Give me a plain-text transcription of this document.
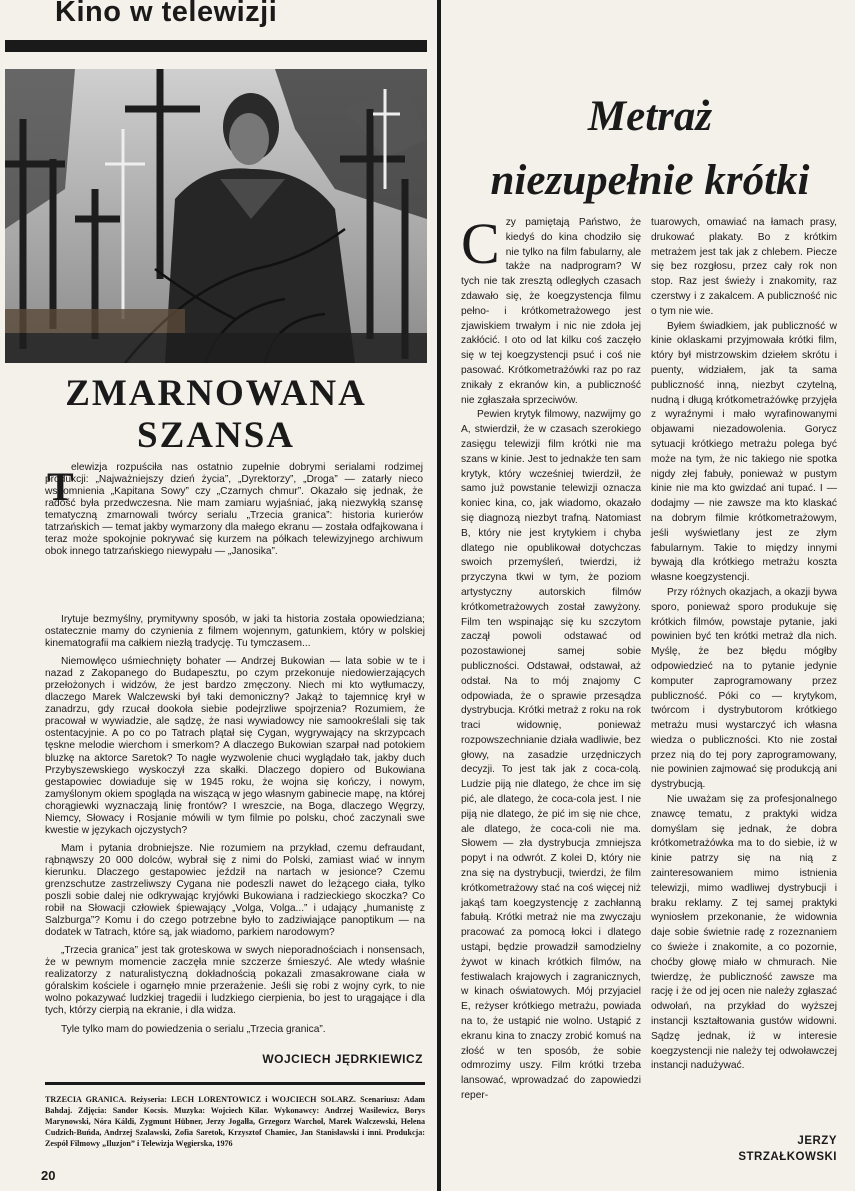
Kino w telewizji
ZMARNOWANA
SZANSA
T

elewizja rozpuściła nas ostatnio zupełnie dobrymi serialami rodzimej produkcji: „Najważniejszy dzień życia”, „Dyrektorzy”, „Droga” — zatarły nieco wspomnienia „Kapitana Sowy” czy „Czarnych chmur”. Okazało się jednak, że radość była przedwczesna. Nie mam zamiaru wyjaśniać, jaką niezwykłą szansę tematyczną zmarnowali twórcy serialu „Trzecia granica”: historia kurierów tatrzańskich — temat jakby wymarzony dla małego ekranu — została odfajkowana i teraz może spokojnie pokrywać się kurzem na półkach telewizyjnego archiwum obok innego tatrzańskiego niewypału — „Janosika”.

Irytuje bezmyślny, prymitywny sposób, w jaki ta historia została opowiedziana; ostatecznie mamy do czynienia z filmem wojennym, gatunkiem, który w polskiej kinematografii ma całkiem niezłą tradycję. Tu tymczasem...

Niemowlęco uśmiechnięty bohater — Andrzej Bukowian — lata sobie w te i nazad z Zakopanego do Budapesztu, po czym przekonuje niedowierzających przełożonych i widzów, że jest bardzo zmęczony. Niech mi kto wytłumaczy, dlaczego Marek Walczewski był taki demoniczny? Jakąż to tajemnicę krył w zanadrzu, gdy rzucał dookoła siebie podejrzliwe spojrzenia? Rozumiem, że pracował w wywiadzie, ale sądzę, że nasi wywiadowcy nie samookreślali się tak ostentacyjnie. A po co po Tatrach plątał się Cygan, wygrywający na skrzypcach tęskne melodie wierchom i smerkom? A dlaczego Bukowian szarpał nad potokiem bluzkę na aktorce Saretok? To nagłe wyzwolenie chuci wyglądało tak, jakby duch Przybyszewskiego wyskoczył zza skałki. Dlaczego dopiero od Bukowiana gestapowiec dowiaduje się w 1945 roku, że wojna się kończy, i nowym, zamyślonym okiem spogląda na wiszącą w jego własnym gabinecie mapę, na której chorągiewki wyznaczają linię frontów? I wreszcie, na Boga, dlaczego Węgrzy, Niemcy, Słowacy i Rosjanie mówili w tym filmie po polsku, choć zaczynali swe kwestie w językach ojczystych?

Mam i pytania drobniejsze. Nie rozumiem na przykład, czemu defraudant, rąbnąwszy 20 000 dolców, wybrał się z nimi do Polski, zamiast wiać w innym kierunku. Dlaczego gestapowiec jeździł na nartach w jesionce? Czemu grenzschutze zastrzeliwszy Cygana nie podeszli nawet do leżącego ciała, tylko poszli sobie dalej nie odkrywając kryjówki Bukowiana i radzieckiego skoczka? Co robił na Słowacji człowiek śpiewający „Volga, Volga...” i udający „humanistę z Salzburga”? Komu i do czego potrzebne było to zadziwiające panoptikum — na dodatek w Tatrach, które są, jak wiadomo, parkiem narodowym?

„Trzecia granica” jest tak groteskowa w swych nieporadnościach i nonsensach, że w pewnym momencie zaczęła mnie szczerze śmieszyć. Ale wtedy właśnie realizatorzy z naturalistyczną dokładnością pokazali zmasakrowane ciała w góralskim kościele i ogarnęło mnie przerażenie. Jeśli się robi z wojny cyrk, to nie wolno pokazywać ludzkiej tragedii i ludzkiego cierpienia, bo jest to urągające i dla tych, którzy cierpią na ekranie, i dla widza.

Tyle tylko mam do powiedzenia o serialu „Trzecia granica”.

WOJCIECH JĘDRKIEWICZ
TRZECIA GRANICA. Reżyseria: LECH LORENTOWICZ i WOJCIECH SOLARZ. Scenariusz: Adam Bahdaj. Zdjęcia: Sandor Kocsis. Muzyka: Wojciech Kilar. Wykonawcy: Andrzej Wasilewicz, Borys Marynowski, Nóra Káldi, Zygmunt Hübner, Jerzy Jogałła, Grzegorz Warchoł, Marek Walczewski, Helena Cudzich-Buńda, Andrzej Szalawski, Zofia Saretok, Krzysztof Chamiec, Jan Stanisławski i inni. Produkcja: Zespół Filmowy „Iluzjon” i Telewizja Węgierska, 1976
20
Metraż
niezupełnie krótki
C zy pamiętają Państwo, że kiedyś do kina chodziło się nie tylko na film fabularny, ale także na nadprogram? W tych nie tak zresztą odległych czasach zdawało się, że koegzystencja filmu pełno- i krótkometrażowego jest zjawiskiem trwałym i nic nie zdoła jej zakłócić. I oto od lat kilku coś zaczęło się w tej koegzystencji psuć i coś nie pasować. Krótkometrażówki raz po raz znikały z ekranów kin, a publiczność nie zgłaszała sprzeciwów.

Pewien krytyk filmowy, nazwijmy go A, stwierdził, że w czasach szerokiego zasięgu telewizji film krótki nie ma szans w kinie. Jest to jednakże ten sam krytyk, który wcześniej twierdził, że samo już powstanie telewizji oznacza koniec kina, co, jak wiadomo, okazało się diagnozą niezbyt trafną. Natomiast B, który nie jest krytykiem i chyba dlatego nie opublikował dotychczas swoich przemyśleń, twierdzi, iż przyczyna tkwi w tym, że poziom artystyczny autorskich filmów krótkometrażowych został zawyżony. Film ten wspinając się ku szczytom zaczął powoli odstawać od pozostawionej samej sobie publiczności. Odstawał, odstawał, aż odstał. Na to mój znajomy C odpowiada, że o sprawie przesądza dystrybucja. Krótki metraż z roku na rok traci widownię, ponieważ rozpowszechnianie działa wadliwie, bez głowy, na zasadzie urzędniczych decyzji. To jest tak jak z coca-colą. Ludzie piją nie dlatego, że chce im się pić, ale dlatego, że coca-cola jest. I nie piją nie dlatego, że pić im się nie chce, ale dlatego, że coca-coli nie ma. Słowem — zła dystrybucja zmniejsza popyt i na odwrót. Z kolei D, który nie zna się na dystrybucji, twierdzi, że film krótkometrażowy stać na coś więcej niż jakąś tam koegzystencję z zachłanną fabułą. Krótki metraż nie ma zwyczaju pracować za pomocą łokci i dlatego ustąpi, będzie prowadził samodzielny żywot w kinach krótkich filmów, na festiwalach krajowych i zagranicznych, w kinach oświatowych. Mój przyjaciel E, reżyser krótkiego metrażu, powiada na to, że ustąpić nie wolno. Ustąpić z ekranu kina to znaczy zrobić komuś na złość w ten sposób, że sobie odmrozimy uszy. Film krótki trzeba lansować, wprowadzać do zapowiedzi reper-

tuarowych, omawiać na łamach prasy, drukować plakaty. Bo z krótkim metrażem jest tak jak z chlebem. Piecze się bez rozgłosu, przez cały rok non stop. Raz jest świeży i znakomity, raz czerstwy i z zakalcem. A publiczność nic o tym nie wie.

Byłem świadkiem, jak publiczność w kinie oklaskami przyjmowała krótki film, który był mistrzowskim dziełem skrótu i puenty, widziałem, jak ta sama publiczność inną, niezbyt czytelną, nudną i długą krótkometrażówkę przyjęła z wyraźnymi i mało wyrafinowanymi objawami niezadowolenia. Gorycz sytuacji krótkiego metrażu polega być może na tym, że nic takiego nie spotka nigdy złej fabuły, ponieważ w pustym kinie nie ma kto gwizdać ani tupać. I — dodajmy — nie zawsze ma kto klaskać na dobrym filmie krótkometrażowym, jeśli wyświetlany jest ze złym fabularnym. Takie to między innymi bywają dla krótkiego metrażu koszta własne koegzystencji.

Przy różnych okazjach, a okazji bywa sporo, ponieważ sporo produkuje się krótkich filmów, powstaje pytanie, jaki powinien być ten krótki metraż dla nich. Myślę, że bez błędu mógłby odpowiedzieć na to pytanie jedynie komputer zaprogramowany przez publiczność. Póki co — krytykom, twórcom i dystrybutorom krótkiego metrażu musi wystarczyć ich własna wiedza o publiczności. Kto nie został przez nią do tej pory zaprogramowany, nie powinien zajmować się produkcją ani dystrybucją.

Nie uważam się za profesjonalnego znawcę tematu, z praktyki widza domyślam się jednak, że dobra krótkometrażówka ma to do siebie, iż w kinie patrzy się na nią z zainteresowaniem mimo istnienia telewizji, mimo wadliwej dystrybucji i braku reklamy. Z tej samej praktyki wyniosłem przekonanie, że widownia daje sobie świetnie radę z rozeznaniem co świeże i znakomite, a co pozornie, choćby głowę miało w chmurach. Nie twierdzę, że publiczność zawsze ma rację i że od jej ocen nie należy zgłaszać odwołań, na przykład do wyższej instancji kształtowania gustów widowni. Sądzę jednak, iż w interesie koegzystencji nie należy tej odwoławczej instancji nadużywać.

JERZY
STRZAŁKOWSKI
